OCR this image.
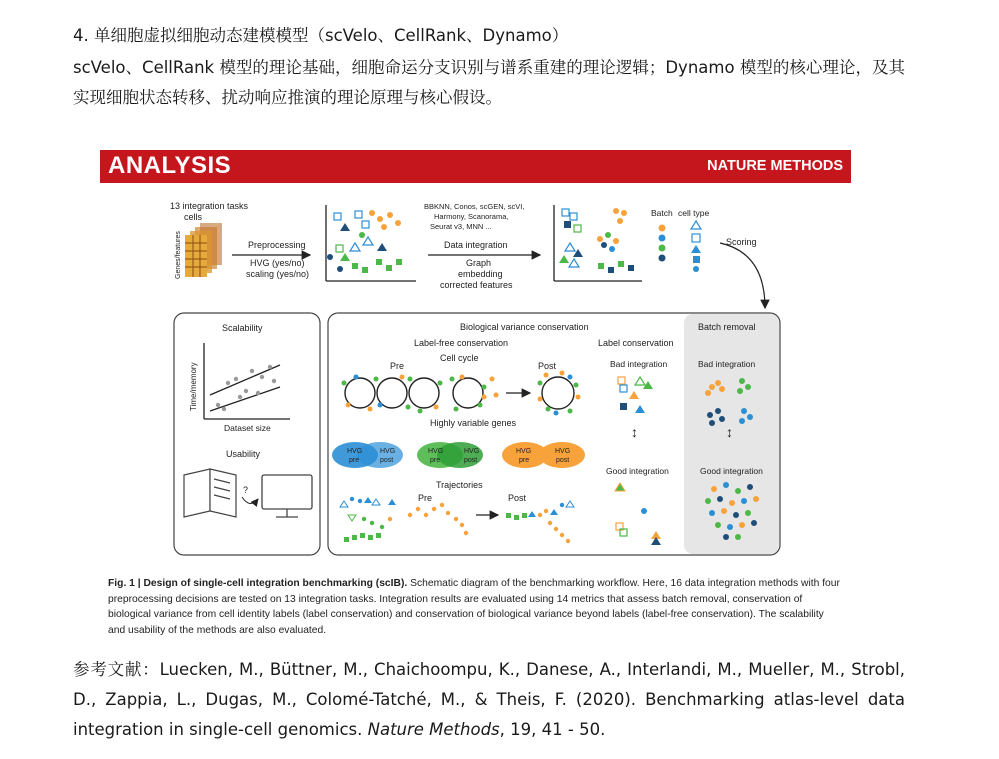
4. 单细胞虚拟细胞动态建模模型（scVelo、CellRank、Dynamo）
scVelo、CellRank 模型的理论基础，细胞命运分支识别与谱系重建的理论逻辑；Dynamo 模型的核心理论，及其实现细胞状态转移、扰动响应推演的理论原理与核心假设。
ANALYSIS	NATURE METHODS
13 integration tasks
cells
Genes/features	Preprocessing
HVG (yes/no)
scaling (yes/no)
BBKNN, Conos, scGEN, scVI,
Harmony, Scanorama,
Seurat v3, MNN ...
Data integration
Graph
embedding
corrected features
Batch cell type
Scoring
Scalability
Time/memory
Dataset size
Usability
?
Biological variance conservation
Label-free conservation	Label conservation
Batch removal
Cell cycle
Pre	Post	Bad integration
↕
Good integration
Bad integration
↕
Good integration
Highly variable genes
HVG
pre
HVG
post
HVG
pre
HVG
post
HVG
pre
HVG
post
Trajectories
Pre	Post
Fig. 1 | Design of single-cell integration benchmarking (scIB). Schematic diagram of the benchmarking workflow. Here, 16 data integration methods with four preprocessing decisions are tested on 13 integration tasks. Integration results are evaluated using 14 metrics that assess batch removal, conservation of biological variance from cell identity labels (label conservation) and conservation of biological variance beyond labels (label-free conservation). The scalability and usability of the methods are also evaluated.
参考文献：Luecken, M., Büttner, M., Chaichoompu, K., Danese, A., Interlandi, M., Mueller, M., Strobl, D., Zappia, L., Dugas, M., Colomé-Tatché, M., & Theis, F. (2020). Benchmarking atlas-level data integration in single-cell genomics. Nature Methods, 19, 41 - 50.
